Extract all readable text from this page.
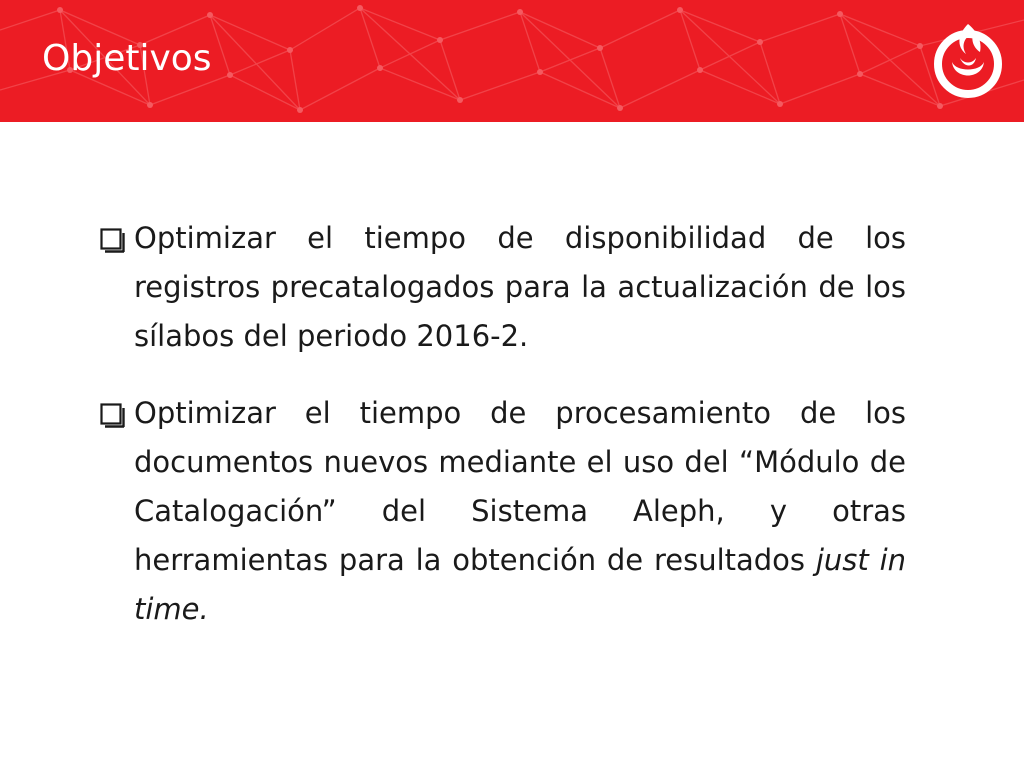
Objetivos
Optimizar el tiempo de disponibilidad de los registros precatalogados para la actualización de los sílabos del periodo 2016-2.
Optimizar el tiempo de procesamiento de los documentos nuevos mediante el uso del “Módulo de Catalogación” del Sistema Aleph, y otras herramientas para la obtención de resultados just in time.
